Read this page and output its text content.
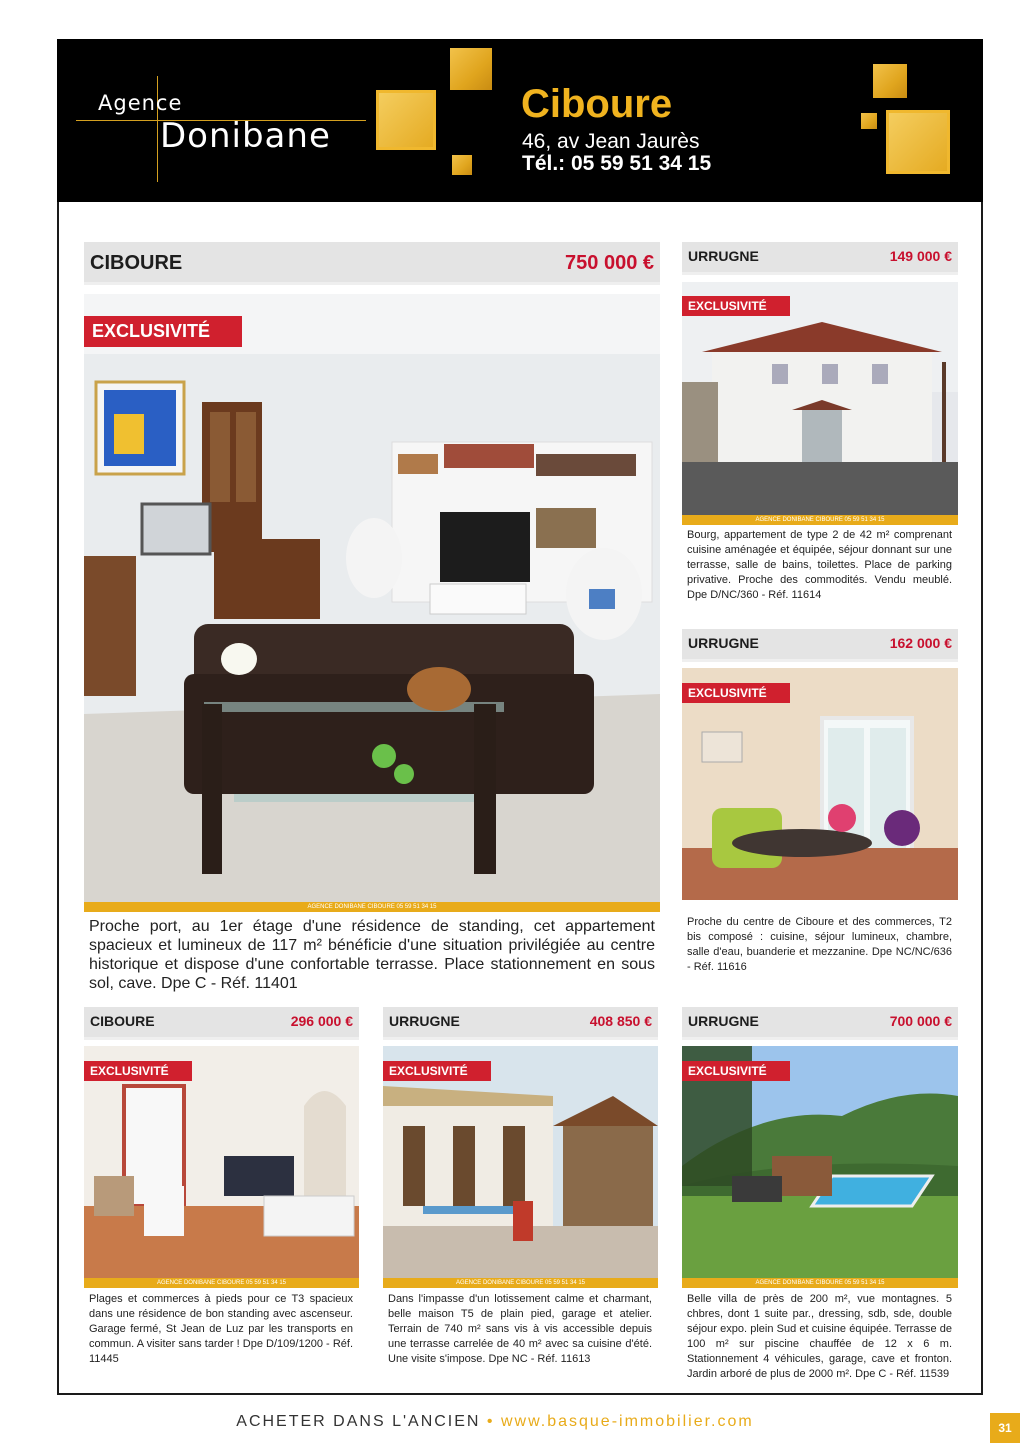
Agence
Donibane
Ciboure
46, av Jean Jaurès
Tél.: 05 59 51 34 15
CIBOURE	750 000 €
EXCLUSIVITÉ
AGENCE DONIBANE CIBOURE 05 59 51 34 15
Proche port, au 1er étage d'une résidence de standing, cet appartement spacieux et lumineux de 117 m² bénéficie d'une situation privilégiée au centre historique et dispose d'une confortable terrasse. Place stationnement en sous sol, cave. Dpe C - Réf. 11401
URRUGNE	149 000 €
EXCLUSIVITÉ
AGENCE DONIBANE CIBOURE 05 59 51 34 15
Bourg, appartement de type 2 de 42 m² comprenant cuisine aménagée et équipée, séjour donnant sur une terrasse, salle de bains, toilettes. Place de parking privative. Proche des commodités. Vendu meublé. Dpe D/NC/360 - Réf. 11614
URRUGNE	162 000 €
EXCLUSIVITÉ
Proche du centre de Ciboure et des commerces, T2 bis composé : cuisine, séjour lumineux, chambre, salle d'eau, buanderie et mezzanine. Dpe NC/NC/636 - Réf. 11616
CIBOURE	296 000 €
EXCLUSIVITÉ
AGENCE DONIBANE CIBOURE 05 59 51 34 15
Plages et commerces à pieds pour ce T3 spacieux dans une résidence de bon standing avec ascenseur. Garage fermé, St Jean de Luz par les transports en commun. A visiter sans tarder ! Dpe D/109/1200 - Réf. 11445
URRUGNE	408 850 €
EXCLUSIVITÉ
AGENCE DONIBANE CIBOURE 05 59 51 34 15
Dans l'impasse d'un lotissement calme et charmant, belle maison T5 de plain pied, garage et atelier. Terrain de 740 m² sans vis à vis accessible depuis une terrasse carrelée de 40 m² avec sa cuisine d'été. Une visite s'impose. Dpe NC - Réf. 11613
URRUGNE	700 000 €
EXCLUSIVITÉ
AGENCE DONIBANE CIBOURE 05 59 51 34 15
Belle villa de près de 200 m², vue montagnes. 5 chbres, dont 1 suite par., dressing, sdb, sde, double séjour expo. plein Sud et cuisine équipée. Terrasse de 100 m² sur piscine chauffée de 12 x 6 m. Stationnement 4 véhicules, garage, cave et fronton. Jardin arboré de plus de 2000 m². Dpe C - Réf. 11539
ACHETER DANS L'ANCIEN • www.basque-immobilier.com	31
